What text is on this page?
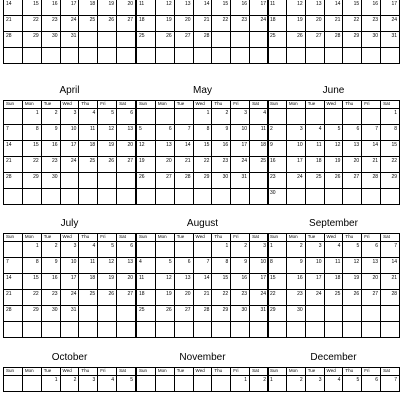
14	15	16	17	18	19	20

21	22	23	24	25	26	27

28	29	30	31			

11	12	13	14	15	16	17

18	19	20	21	22	23	24

25	26	27	28			

11	12	13	14	15	16	17

18	19	20	21	22	23	24

25	26	27	28	29	30	31

April
Sun	Mon	Tue	Wed	Thu	Fri	Sat

	1	2	3	4	5	6

7	8	9	10	11	12	13

14	15	16	17	18	19	20

21	22	23	24	25	26	27

28	29	30				

May
Sun	Mon	Tue	Wed	Thu	Fri	Sat

			1	2	3	4

5	6	7	8	9	10	11

12	13	14	15	16	17	18

19	20	21	22	23	24	25

26	27	28	29	30	31	

June
Sun	Mon	Tue	Wed	Thu	Fri	Sat

						1

2	3	4	5	6	7	8

9	10	11	12	13	14	15

16	17	18	19	20	21	22

23	24	25	26	27	28	29

30						

July
Sun	Mon	Tue	Wed	Thu	Fri	Sat

	1	2	3	4	5	6

7	8	9	10	11	12	13

14	15	16	17	18	19	20

21	22	23	24	25	26	27

28	29	30	31			

August
Sun	Mon	Tue	Wed	Thu	Fri	Sat

				1	2	3

4	5	6	7	8	9	10

11	12	13	14	15	16	17

18	19	20	21	22	23	24

25	26	27	28	29	30	31

September
Sun	Mon	Tue	Wed	Thu	Fri	Sat

1	2	3	4	5	6	7

8	9	10	11	12	13	14

15	16	17	18	19	20	21

22	23	24	25	26	27	28

29	30					

October
Sun	Mon	Tue	Wed	Thu	Fri	Sat

		1	2	3	4	5
November
Sun	Mon	Tue	Wed	Thu	Fri	Sat

					1	2
December
Sun	Mon	Tue	Wed	Thu	Fri	Sat

1	2	3	4	5	6	7
